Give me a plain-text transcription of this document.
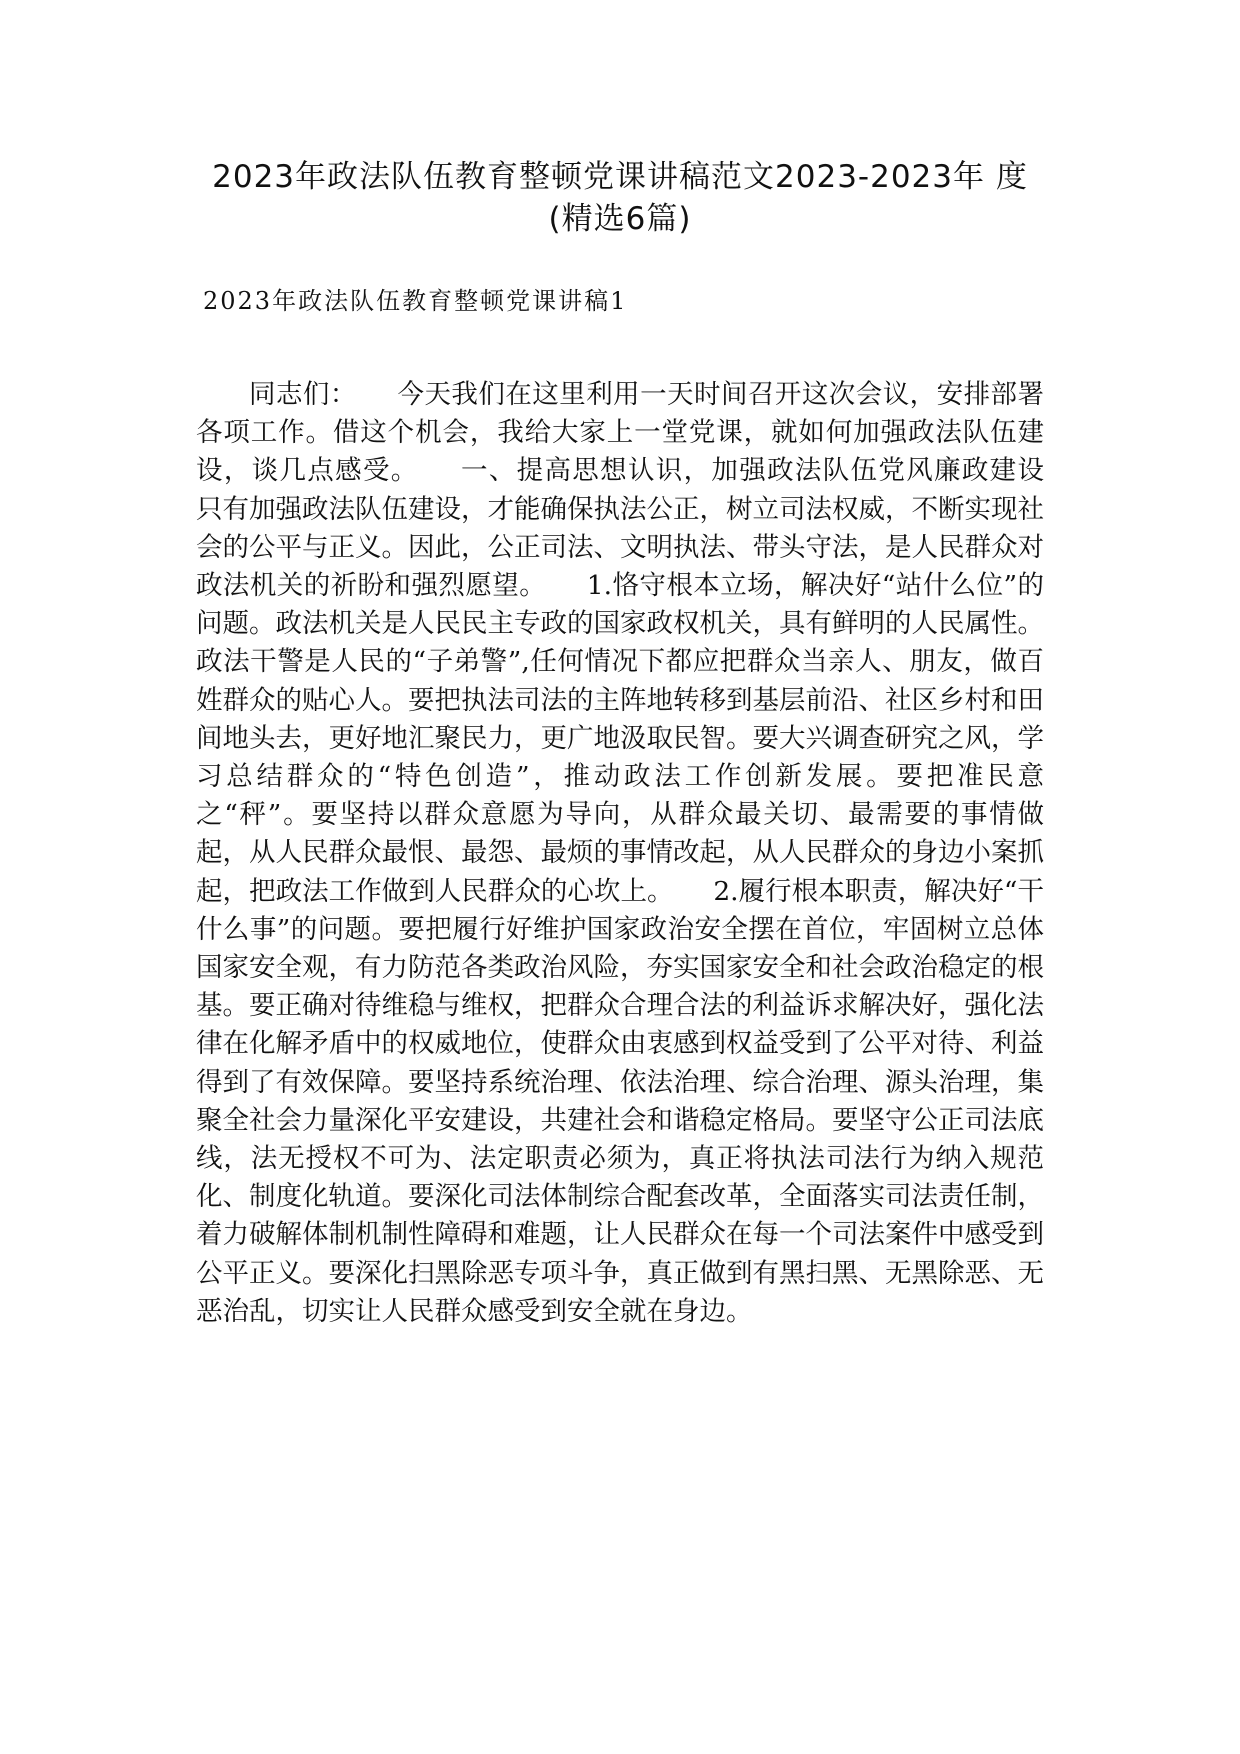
2023年政法队伍教育整顿党课讲稿范文2023-2023年 度(精选6篇)
2023年政法队伍教育整顿党课讲稿1

同志们：　　今天我们在这里利用一天时间召开这次会议，安排部署各项工作。借这个机会，我给大家上一堂党课，就如何加强政法队伍建设，谈几点感受。　　一、提高思想认识，加强政法队伍党风廉政建设　只有加强政法队伍建设，才能确保执法公正，树立司法权威，不断实现社会的公平与正义。因此，公正司法、文明执法、带头守法，是人民群众对政法机关的祈盼和强烈愿望。　　1.恪守根本立场，解决好“站什么位”的问题。政法机关是人民民主专政的国家政权机关，具有鲜明的人民属性。政法干警是人民的“子弟警”,任何情况下都应把群众当亲人、朋友，做百姓群众的贴心人。要把执法司法的主阵地转移到基层前沿、社区乡村和田间地头去，更好地汇聚民力，更广地汲取民智。要大兴调查研究之风，学习总结群众的“特色创造”，推动政法工作创新发展。要把准民意之“秤”。要坚持以群众意愿为导向，从群众最关切、最需要的事情做起，从人民群众最恨、最怨、最烦的事情改起，从人民群众的身边小案抓起，把政法工作做到人民群众的心坎上。　　2.履行根本职责，解决好“干什么事”的问题。要把履行好维护国家政治安全摆在首位，牢固树立总体国家安全观，有力防范各类政治风险，夯实国家安全和社会政治稳定的根基。要正确对待维稳与维权，把群众合理合法的利益诉求解决好，强化法律在化解矛盾中的权威地位，使群众由衷感到权益受到了公平对待、利益得到了有效保障。要坚持系统治理、依法治理、综合治理、源头治理，集聚全社会力量深化平安建设，共建社会和谐稳定格局。要坚守公正司法底线，法无授权不可为、法定职责必须为，真正将执法司法行为纳入规范化、制度化轨道。要深化司法体制综合配套改革，全面落实司法责任制，着力破解体制机制性障碍和难题，让人民群众在每一个司法案件中感受到公平正义。要深化扫黑除恶专项斗争，真正做到有黑扫黑、无黑除恶、无恶治乱，切实让人民群众感受到安全就在身边。
